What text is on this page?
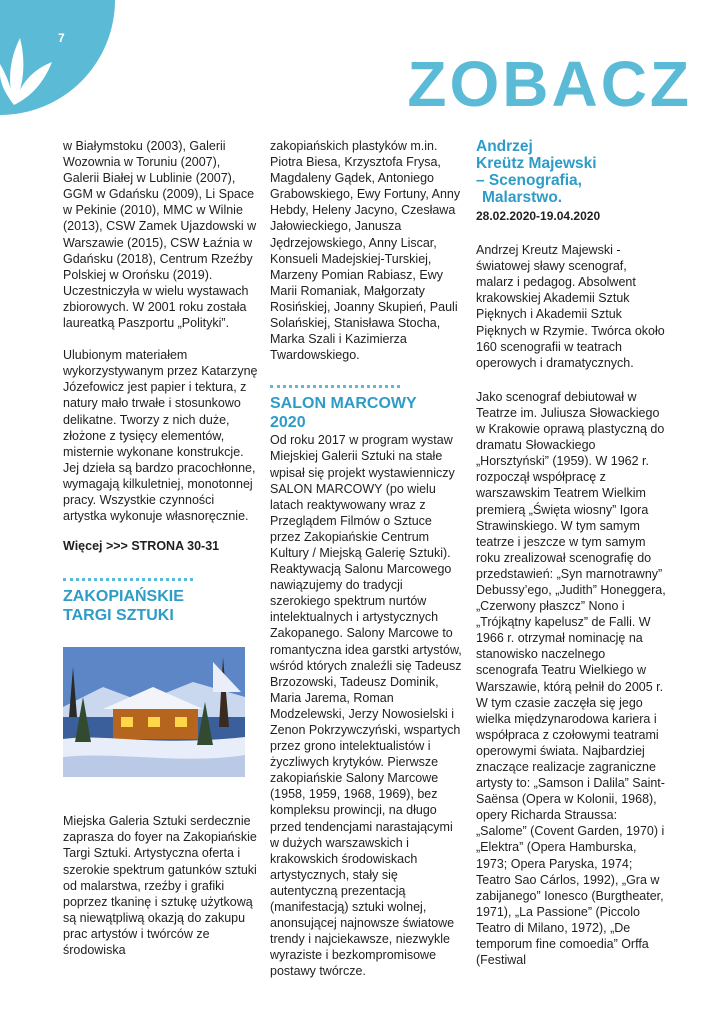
7
ZOBACZ

w Białymstoku (2003), Galerii Wozownia w Toruniu (2007), Galerii Białej w Lublinie (2007), GGM w Gdańsku (2009), Li Space w Pekinie (2010), MMC w Wilnie (2013), CSW Zamek Ujazdowski w Warszawie (2015), CSW Łaźnia w Gdańsku (2018), Centrum Rzeźby Polskiej w Orońsku (2019). Uczestniczyła w wielu wystawach zbiorowych. W 2001 roku została laureatką Paszportu „Polityki”.

Ulubionym materiałem wykorzystywanym przez Katarzynę Józefowicz jest papier i tektura, z natury mało trwałe i stosunkowo delikatne. Tworzy z nich duże, złożone z tysięcy elementów, misternie wykonane konstrukcje. Jej dzieła są bardzo pracochłonne, wymagają kilkuletniej, monotonnej pracy. Wszystkie czynności artystka wykonuje własnoręcznie.

Więcej >>> STRONA 30-31

ZAKOPIAŃSKIE

TARGI SZTUKI

Miejska Galeria Sztuki serdecznie zaprasza do foyer na Zakopiańskie Targi Sztuki. Artystyczna oferta i szerokie spektrum gatunków sztuki od malarstwa, rzeźby i grafiki poprzez tkaninę i sztukę użytkową są niewątpliwą okazją do zakupu prac artystów i twórców ze środowiska

zakopiańskich plastyków m.in. Piotra Biesa, Krzysztofa Frysa, Magdaleny Gądek, Antoniego Grabowskiego, Ewy Fortuny, Anny Hebdy, Heleny Jacyno, Czesława Jałowieckiego, Janusza Jędrzejowskiego, Anny Liscar, Konsueli Madejskiej-Turskiej, Marzeny Pomian Rabiasz, Ewy Marii Romaniak, Małgorzaty Rosińskiej, Joanny Skupień, Pauli Solańskiej, Stanisława Stocha, Marka Szali i Kazimierza Twardowskiego.

SALON MARCOWY

2020

Od roku 2017 w program wystaw Miejskiej Galerii Sztuki na stałe wpisał się projekt wystawienniczy SALON MARCOWY (po wielu latach reaktywowany wraz z Przeglądem Filmów o Sztuce przez Zakopiańskie Centrum Kultury / Miejską Galerię Sztuki). Reaktywacją Salonu Marcowego nawiązujemy do tradycji szerokiego spektrum nurtów intelektualnych i artystycznych Zakopanego. Salony Marcowe to romantyczna idea garstki artystów, wśród których znaleźli się Tadeusz Brzozowski, Tadeusz Dominik, Maria Jarema, Roman Modzelewski, Jerzy Nowosielski i Zenon Pokrzywczyński, wspartych przez grono intelektualistów i życzliwych krytyków. Pierwsze zakopiańskie Salony Marcowe (1958, 1959, 1968, 1969), bez kompleksu prowincji, na długo przed tendencjami narastającymi w dużych warszawskich i krakowskich środowiskach artystycznych, stały się autentyczną prezentacją (manifestacją) sztuki wolnej, anonsującej najnowsze światowe trendy i najciekawsze, niezwykle wyraziste i bezkompromisowe postawy twórcze.

Andrzej

Kreütz Majewski

– Scenografia,

Malarstwo.

28.02.2020-19.04.2020

Andrzej Kreutz Majewski - światowej sławy scenograf, malarz i pedagog. Absolwent krakowskiej Akademii Sztuk Pięknych i Akademii Sztuk Pięknych w Rzymie. Twórca około 160 scenografii w teatrach operowych i dramatycznych.

Jako scenograf debiutował w Teatrze im. Juliusza Słowackiego w Krakowie oprawą plastyczną do dramatu Słowackiego „Horsztyński” (1959). W 1962 r. rozpoczął współpracę z warszawskim Teatrem Wielkim premierą „Święta wiosny” Igora Strawinskiego. W tym samym teatrze i jeszcze w tym samym roku zrealizował scenografię do przedstawień: „Syn marnotrawny” Debussy’ego, „Judith” Honeggera, „Czerwony płaszcz” Nono i „Trójkątny kapelusz” de Falli. W 1966 r. otrzymał nominację na stanowisko naczelnego scenografa Teatru Wielkiego w Warszawie, którą pełnił do 2005 r. W tym czasie zaczęła się jego wielka międzynarodowa kariera i współpraca z czołowymi teatrami operowymi świata. Najbardziej znaczące realizacje zagraniczne artysty to: „Samson i Dalila” Saint-Saënsa (Opera w Kolonii, 1968), opery Richarda Straussa: „Salome” (Covent Garden, 1970) i „Elektra” (Opera Hamburska, 1973; Opera Paryska, 1974; Teatro Sao Cárlos, 1992), „Gra w zabijanego” Ionesco (Burgtheater, 1971), „La Passione” (Piccolo Teatro di Milano, 1972), „De temporum fine comoedia” Orffa (Festiwal
